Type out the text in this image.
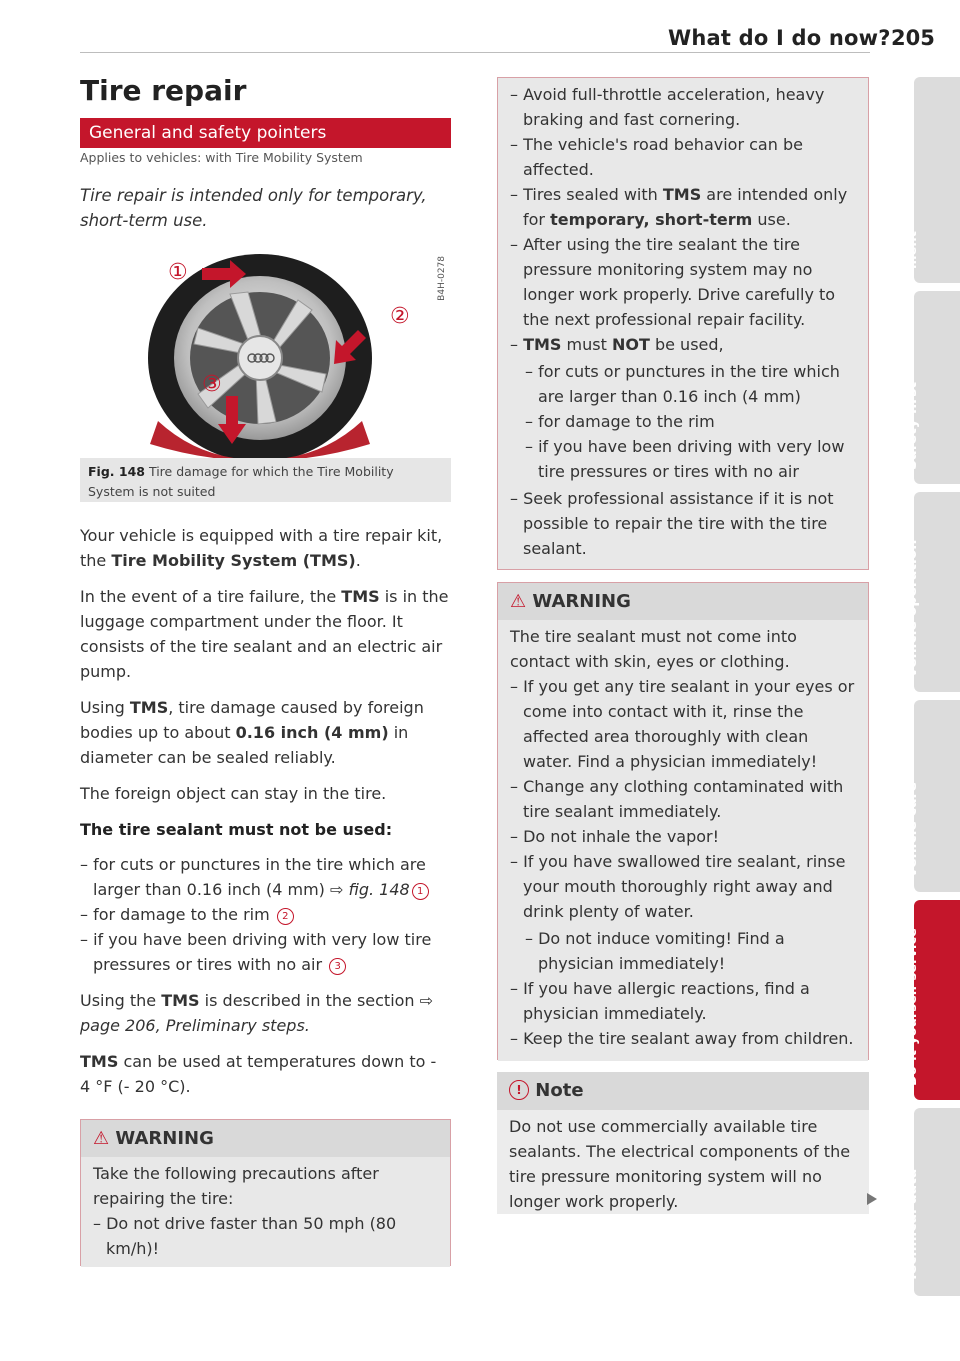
What do I do now? 205
Tire repair
General and safety pointers
Applies to vehicles: with Tire Mobility System
Tire repair is intended only for temporary, short-term use.
①
②
③
B4H-0278
Fig. 148 Tire damage for which the Tire Mobility System is not suited

Your vehicle is equipped with a tire repair kit, the Tire Mobility System (TMS).

In the event of a tire failure, the TMS is in the luggage compartment under the floor. It consists of the tire sealant and an electric air pump.

Using TMS, tire damage caused by foreign bodies up to about 0.16 inch (4 mm) in diameter can be sealed reliably.

The foreign object can stay in the tire.

The tire sealant must not be used:

– for cuts or punctures in the tire which are larger than 0.16 inch (4 mm) ⇨ fig. 148 1

– for damage to the rim 2

– if you have been driving with very low tire pressures or tires with no air 3

Using the TMS is described in the section ⇨ page 206, Preliminary steps.

TMS can be used at temperatures down to - 4 °F (- 20 °C).

⚠ WARNING

Take the following precautions after repairing the tire:

– Do not drive faster than 50 mph (80 km/h)!

– Avoid full-throttle acceleration, heavy braking and fast cornering.

– The vehicle's road behavior can be affected.

– Tires sealed with TMS are intended only for temporary, short-term use.

– After using the tire sealant the tire pressure monitoring system may no longer work properly. Drive carefully to the next professional repair facility.

– TMS must NOT be used,

– for cuts or punctures in the tire which are larger than 0.16 inch (4 mm)

– for damage to the rim

– if you have been driving with very low tire pressures or tires with no air

– Seek professional assistance if it is not possible to repair the tire with the tire sealant.

⚠ WARNING

The tire sealant must not come into contact with skin, eyes or clothing.

– If you get any tire sealant in your eyes or come into contact with it, rinse the affected area thoroughly with clean water. Find a physician immediately!

– Change any clothing contaminated with tire sealant immediately.

– Do not inhale the vapor!

– If you have swallowed tire sealant, rinse your mouth thoroughly right away and drink plenty of water.

– Do not induce vomiting! Find a physician immediately!

– If you have allergic reactions, find a physician immediately.

– Keep the tire sealant away from children.

! Note

Do not use commercially available tire sealants. The electrical components of the tire pressure monitoring system will no longer work properly.

Controls and equip- ment
Safety first
Vehicle operation
Vehicle care
Do-it-yourself service
Technical data
